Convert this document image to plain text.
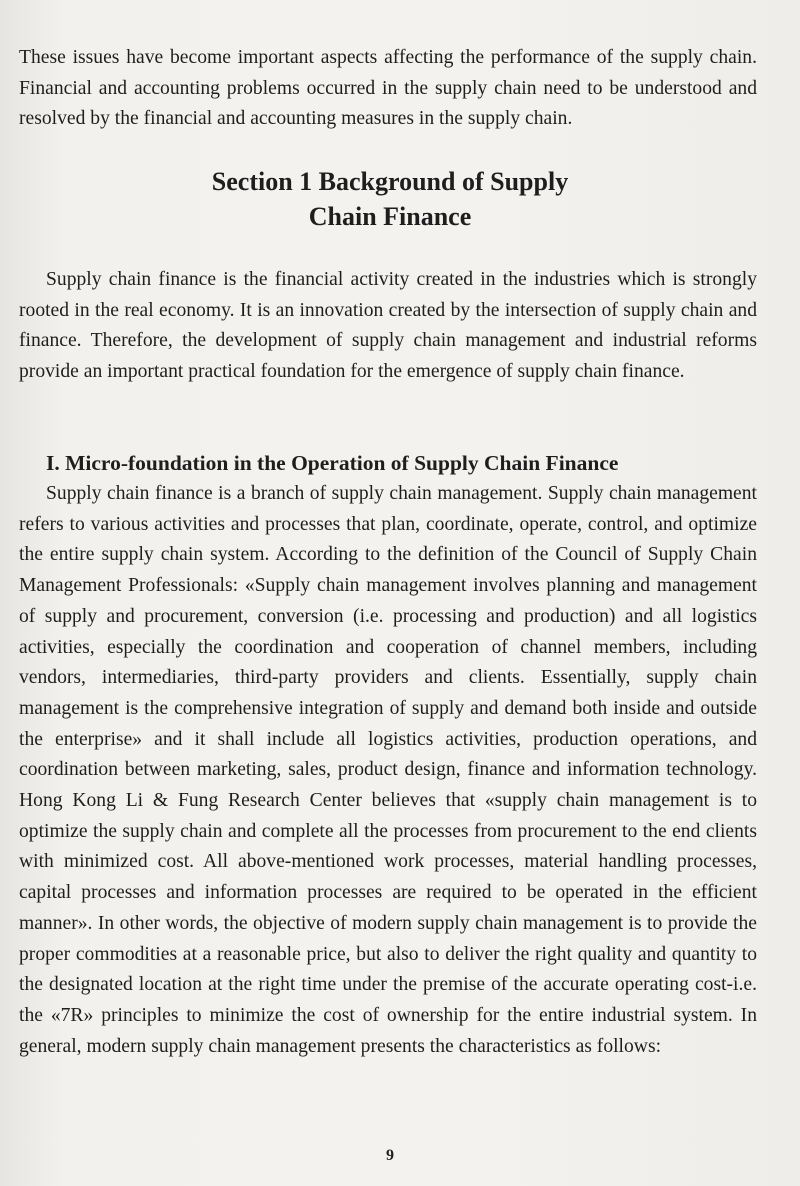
These issues have become important aspects affecting the performance of the supply chain. Financial and accounting problems occurred in the supply chain need to be understood and resolved by the financial and accounting measures in the supply chain.

Section 1 Background of Supply
Chain Finance

Supply chain finance is the financial activity created in the industries which is strongly rooted in the real economy. It is an innovation created by the intersection of supply chain and finance. Therefore, the development of supply chain management and industrial reforms provide an important practical foundation for the emergence of supply chain finance.

I. Micro-foundation in the Operation of Supply Chain Finance

Supply chain finance is a branch of supply chain management. Supply chain management refers to various activities and processes that plan, coordinate, operate, control, and optimize the entire supply chain system. According to the definition of the Council of Supply Chain Management Professionals: «Supply chain management involves planning and management of supply and procurement, conversion (i.e. processing and production) and all logistics activities, especially the coordination and cooperation of channel members, including vendors, intermediaries, third-party providers and clients. Essentially, supply chain management is the comprehensive integration of supply and demand both inside and outside the enterprise» and it shall include all logistics activities, production operations, and coordination between marketing, sales, product design, finance and information technology. Hong Kong Li & Fung Research Center believes that «supply chain management is to optimize the supply chain and complete all the processes from procurement to the end clients with minimized cost. All above-mentioned work processes, material handling processes, capital processes and information processes are required to be operated in the efficient manner». In other words, the objective of modern supply chain management is to provide the proper commodities at a reasonable price, but also to deliver the right quality and quantity to the designated location at the right time under the premise of the accurate operating cost-i.e. the «7R» principles to minimize the cost of ownership for the entire industrial system. In general, modern supply chain management presents the characteristics as follows:

9
